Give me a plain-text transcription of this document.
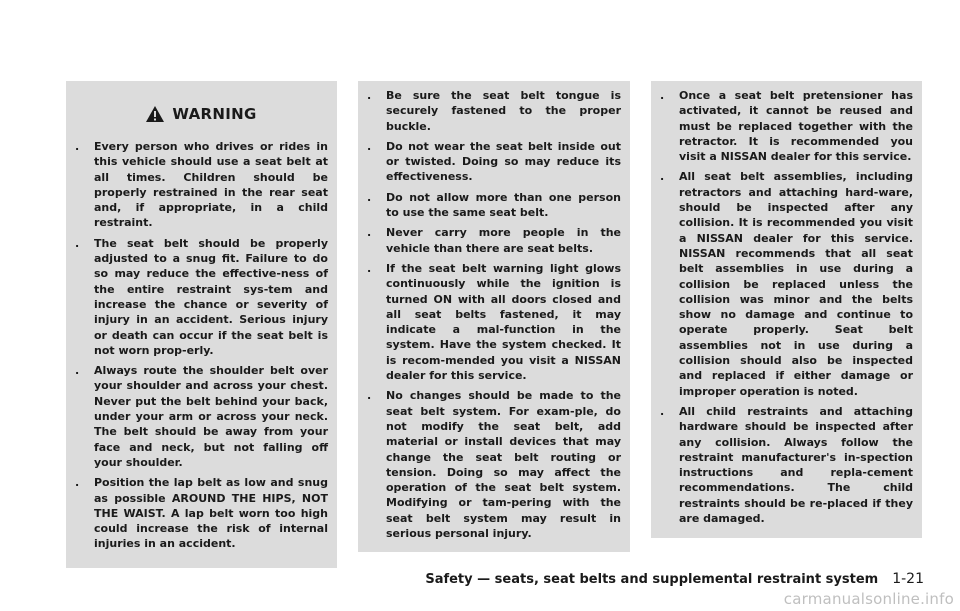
WARNING
. Every person who drives or rides in this vehicle should use a seat belt at all times. Children should be properly restrained in the rear seat and, if appropriate, in a child restraint.
. The seat belt should be properly adjusted to a snug fit. Failure to do so may reduce the effective-ness of the entire restraint sys-tem and increase the chance or severity of injury in an accident. Serious injury or death can occur if the seat belt is not worn prop-erly.
. Always route the shoulder belt over your shoulder and across your chest. Never put the belt behind your back, under your arm or across your neck. The belt should be away from your face and neck, but not falling off your shoulder.
. Position the lap belt as low and snug as possible AROUND THE HIPS, NOT THE WAIST. A lap belt worn too high could increase the risk of internal injuries in an accident.
. Be sure the seat belt tongue is securely fastened to the proper buckle.
. Do not wear the seat belt inside out or twisted. Doing so may reduce its effectiveness.
. Do not allow more than one person to use the same seat belt.
. Never carry more people in the vehicle than there are seat belts.
. If the seat belt warning light glows continuously while the ignition is turned ON with all doors closed and all seat belts fastened, it may indicate a mal-function in the system. Have the system checked. It is recom-mended you visit a NISSAN dealer for this service.
. No changes should be made to the seat belt system. For exam-ple, do not modify the seat belt, add material or install devices that may change the seat belt routing or tension. Doing so may affect the operation of the seat belt system. Modifying or tam-pering with the seat belt system may result in serious personal injury.
. Once a seat belt pretensioner has activated, it cannot be reused and must be replaced together with the retractor. It is recommended you visit a NISSAN dealer for this service.
. All seat belt assemblies, including retractors and attaching hard-ware, should be inspected after any collision. It is recommended you visit a NISSAN dealer for this service. NISSAN recommends that all seat belt assemblies in use during a collision be replaced unless the collision was minor and the belts show no damage and continue to operate properly. Seat belt assemblies not in use during a collision should also be inspected and replaced if either damage or improper operation is noted.
. All child restraints and attaching hardware should be inspected after any collision. Always follow the restraint manufacturer's in-spection instructions and repla-cement recommendations. The child restraints should be re-placed if they are damaged.
Safety — seats, seat belts and supplemental restraint system 1-21
carmanualsonline.info
